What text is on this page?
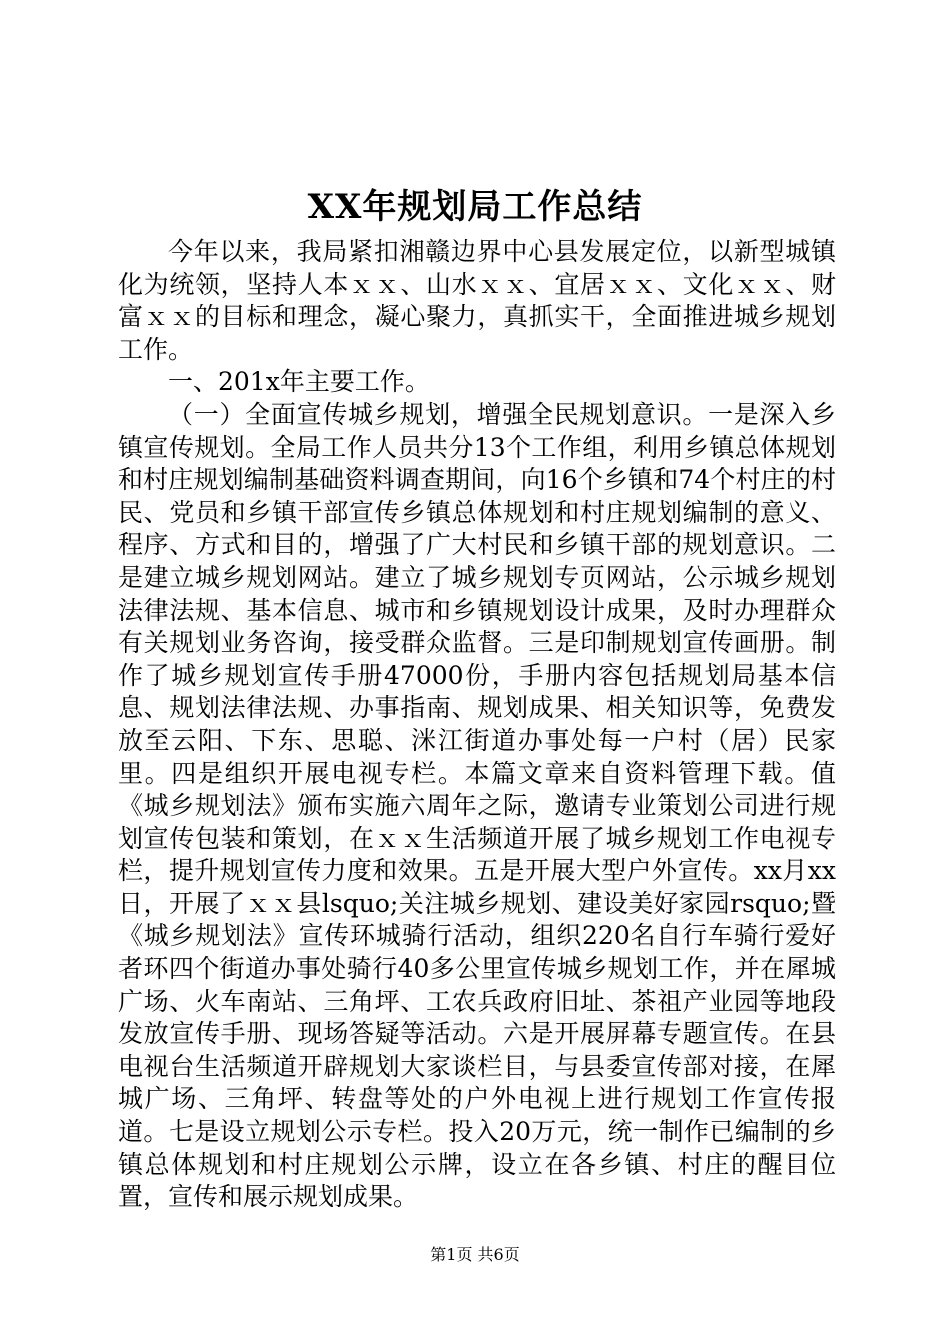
XX年规划局工作总结

今年以来，我局紧扣湘赣边界中心县发展定位，以新型城镇化为统领，坚持人本ｘｘ、山水ｘｘ、宜居ｘｘ、文化ｘｘ、财富ｘｘ的目标和理念，凝心聚力，真抓实干，全面推进城乡规划工作。

一、201x年主要工作。

（一）全面宣传城乡规划，增强全民规划意识。一是深入乡镇宣传规划。全局工作人员共分13个工作组，利用乡镇总体规划和村庄规划编制基础资料调查期间，向16个乡镇和74个村庄的村民、党员和乡镇干部宣传乡镇总体规划和村庄规划编制的意义、程序、方式和目的，增强了广大村民和乡镇干部的规划意识。二是建立城乡规划网站。建立了城乡规划专页网站，公示城乡规划法律法规、基本信息、城市和乡镇规划设计成果，及时办理群众有关规划业务咨询，接受群众监督。三是印制规划宣传画册。制作了城乡规划宣传手册47000份，手册内容包括规划局基本信息、规划法律法规、办事指南、规划成果、相关知识等，免费发放至云阳、下东、思聪、洣江街道办事处每一户村（居）民家里。四是组织开展电视专栏。本篇文章来自资料管理下载。值《城乡规划法》颁布实施六周年之际，邀请专业策划公司进行规划宣传包装和策划，在ｘｘ生活频道开展了城乡规划工作电视专栏，提升规划宣传力度和效果。五是开展大型户外宣传。xx月xx日，开展了ｘｘ县lsquo;关注城乡规划、建设美好家园rsquo;暨《城乡规划法》宣传环城骑行活动，组织220名自行车骑行爱好者环四个街道办事处骑行40多公里宣传城乡规划工作，并在犀城广场、火车南站、三角坪、工农兵政府旧址、茶祖产业园等地段发放宣传手册、现场答疑等活动。六是开展屏幕专题宣传。在县电视台生活频道开辟规划大家谈栏目，与县委宣传部对接，在犀城广场、三角坪、转盘等处的户外电视上进行规划工作宣传报道。七是设立规划公示专栏。投入20万元，统一制作已编制的乡镇总体规划和村庄规划公示牌，设立在各乡镇、村庄的醒目位置，宣传和展示规划成果。

第1页 共6页
